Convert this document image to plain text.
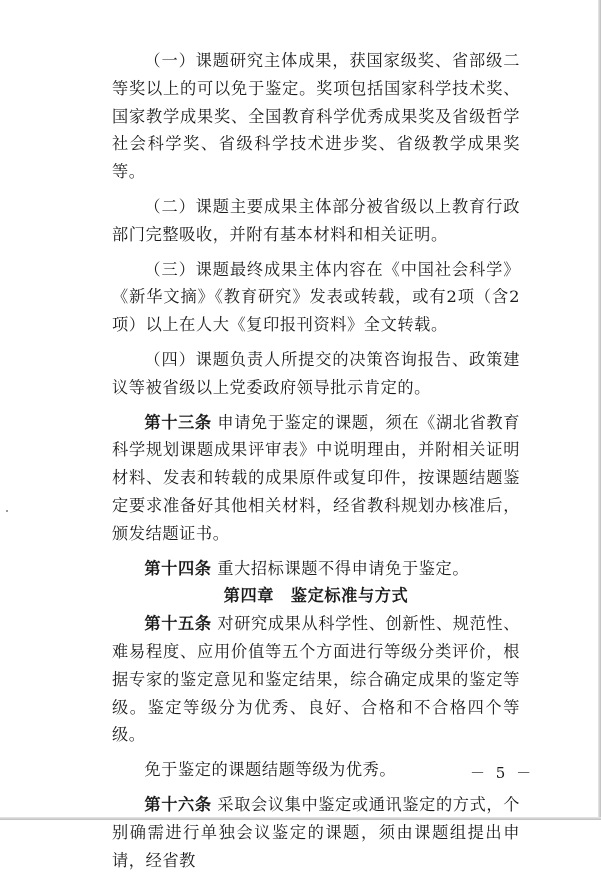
（一）课题研究主体成果，获国家级奖、省部级二等奖以上的可以免于鉴定。奖项包括国家科学技术奖、国家教学成果奖、全国教育科学优秀成果奖及省级哲学社会科学奖、省级科学技术进步奖、省级教学成果奖等。

（二）课题主要成果主体部分被省级以上教育行政部门完整吸收，并附有基本材料和相关证明。

（三）课题最终成果主体内容在《中国社会科学》《新华文摘》《教育研究》发表或转载，或有2项（含2项）以上在人大《复印报刊资料》全文转载。

（四）课题负责人所提交的决策咨询报告、政策建议等被省级以上党委政府领导批示肯定的。

第十三条 申请免于鉴定的课题，须在《湖北省教育科学规划课题成果评审表》中说明理由，并附相关证明材料、发表和转载的成果原件或复印件，按课题结题鉴定要求准备好其他相关材料，经省教科规划办核准后，颁发结题证书。

第十四条 重大招标课题不得申请免于鉴定。

第四章　鉴定标准与方式

第十五条 对研究成果从科学性、创新性、规范性、难易程度、应用价值等五个方面进行等级分类评价，根据专家的鉴定意见和鉴定结果，综合确定成果的鉴定等级。鉴定等级分为优秀、良好、合格和不合格四个等级。

免于鉴定的课题结题等级为优秀。

第十六条 采取会议集中鉴定或通讯鉴定的方式，个别确需进行单独会议鉴定的课题，须由课题组提出申请，经省教

－ 5 －
